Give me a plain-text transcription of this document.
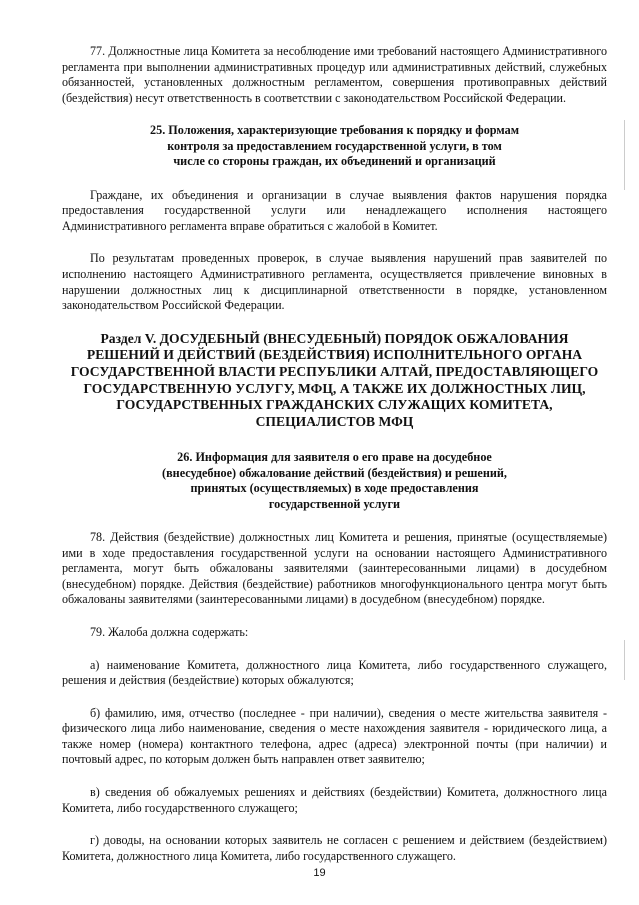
77. Должностные лица Комитета за несоблюдение ими требований настоящего Административного регламента при выполнении административных процедур или административных действий, служебных обязанностей, установленных должностным регламентом, совершения противоправных действий (бездействия) несут ответственность в соответствии с законодательством Российской Федерации.

25. Положения, характеризующие требования к порядку и формам
контроля за предоставлением государственной услуги, в том
числе со стороны граждан, их объединений и организаций

Граждане, их объединения и организации в случае выявления фактов нарушения порядка предоставления государственной услуги или ненадлежащего исполнения настоящего Административного регламента вправе обратиться с жалобой в Комитет.

По результатам проведенных проверок, в случае выявления нарушений прав заявителей по исполнению настоящего Административного регламента, осуществляется привлечение виновных в нарушении должностных лиц к дисциплинарной ответственности в порядке, установленном законодательством Российской Федерации.

Раздел V. ДОСУДЕБНЫЙ (ВНЕСУДЕБНЫЙ) ПОРЯДОК ОБЖАЛОВАНИЯ
РЕШЕНИЙ И ДЕЙСТВИЙ (БЕЗДЕЙСТВИЯ) ИСПОЛНИТЕЛЬНОГО ОРГАНА
ГОСУДАРСТВЕННОЙ ВЛАСТИ РЕСПУБЛИКИ АЛТАЙ, ПРЕДОСТАВЛЯЮЩЕГО
ГОСУДАРСТВЕННУЮ УСЛУГУ, МФЦ, А ТАКЖЕ ИХ ДОЛЖНОСТНЫХ ЛИЦ,
ГОСУДАРСТВЕННЫХ ГРАЖДАНСКИХ СЛУЖАЩИХ КОМИТЕТА,
СПЕЦИАЛИСТОВ МФЦ
26. Информация для заявителя о его праве на досудебное
(внесудебное) обжалование действий (бездействия) и решений,
принятых (осуществляемых) в ходе предоставления
государственной услуги

78. Действия (бездействие) должностных лиц Комитета и решения, принятые (осуществляемые) ими в ходе предоставления государственной услуги на основании настоящего Административного регламента, могут быть обжалованы заявителями (заинтересованными лицами) в досудебном (внесудебном) порядке. Действия (бездействие) работников многофункционального центра могут быть обжалованы заявителями (заинтересованными лицами) в досудебном (внесудебном) порядке.

79. Жалоба должна содержать:

а) наименование Комитета, должностного лица Комитета, либо государственного служащего, решения и действия (бездействие) которых обжалуются;

б) фамилию, имя, отчество (последнее - при наличии), сведения о месте жительства заявителя - физического лица либо наименование, сведения о месте нахождения заявителя - юридического лица, а также номер (номера) контактного телефона, адрес (адреса) электронной почты (при наличии) и почтовый адрес, по которым должен быть направлен ответ заявителю;

в) сведения об обжалуемых решениях и действиях (бездействии) Комитета, должностного лица Комитета, либо государственного служащего;

г) доводы, на основании которых заявитель не согласен с решением и действием (бездействием) Комитета, должностного лица Комитета, либо государственного служащего.

19
